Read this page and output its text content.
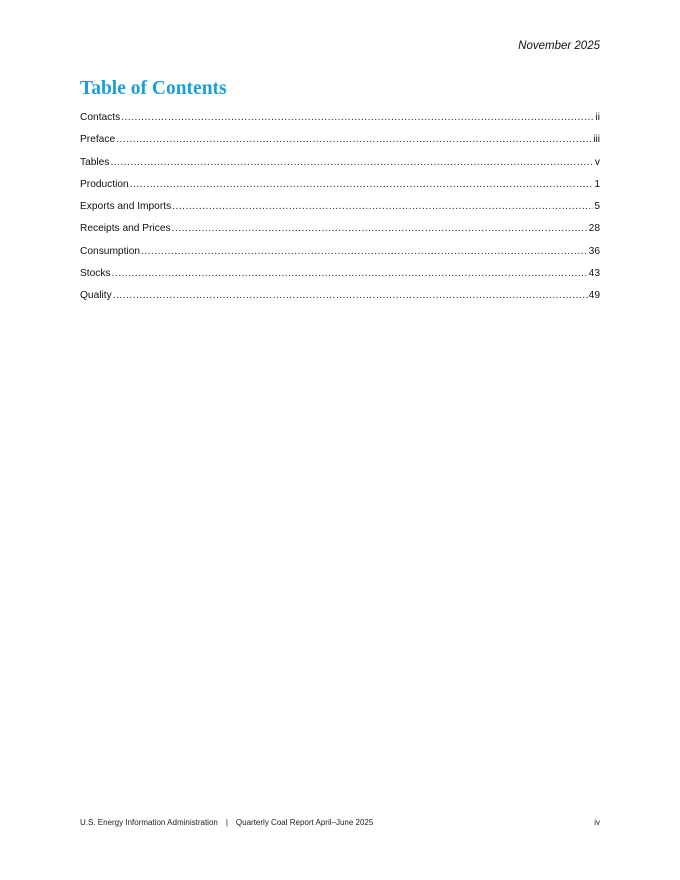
November 2025
Table of Contents
Contacts .....	ii
Preface .....	iii
Tables .....	v
Production .....	1
Exports and Imports .....	5
Receipts and Prices .....	28
Consumption .....	36
Stocks .....	43
Quality .....	49
U.S. Energy Information Administration | Quarterly Coal Report April–June 2025	iv
